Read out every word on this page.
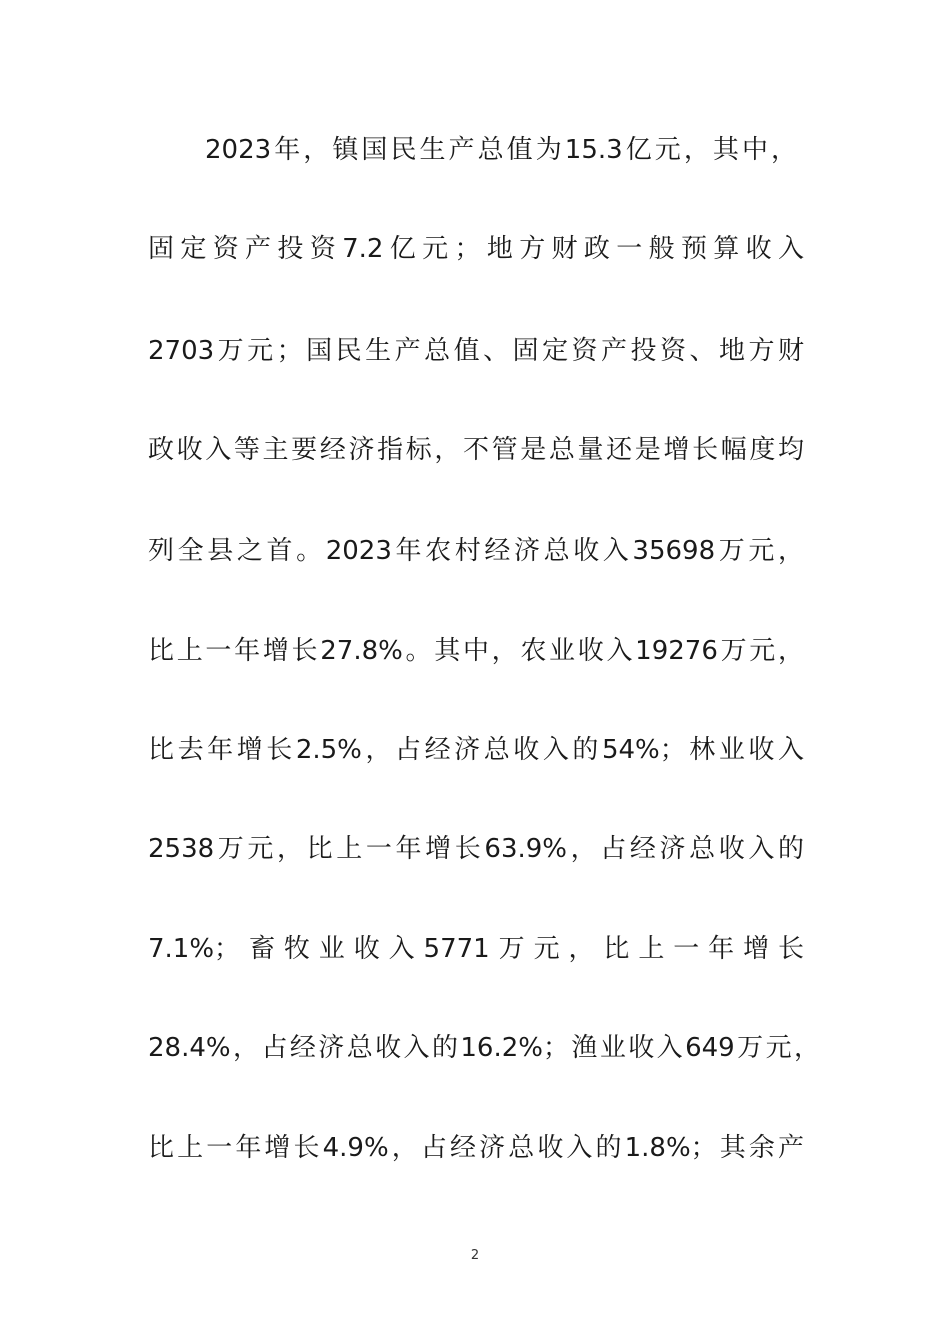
2023年，镇国民生产总值为15.3亿元，其中，
固定资产投资7.2亿元；地方财政一般预算收入
2703万元；国民生产总值、固定资产投资、地方财
政收入等主要经济指标，不管是总量还是增长幅度均
列全县之首。2023年农村经济总收入35698万元，
比上一年增长27.8%。其中，农业收入19276万元，
比去年增长2.5%，占经济总收入的54%；林业收入
2538万元，比上一年增长63.9%，占经济总收入的
7.1%；畜牧业收入5771万元，比上一年增长
28.4%，占经济总收入的16.2%；渔业收入649万元，
比上一年增长4.9%，占经济总收入的1.8%；其余产
2
